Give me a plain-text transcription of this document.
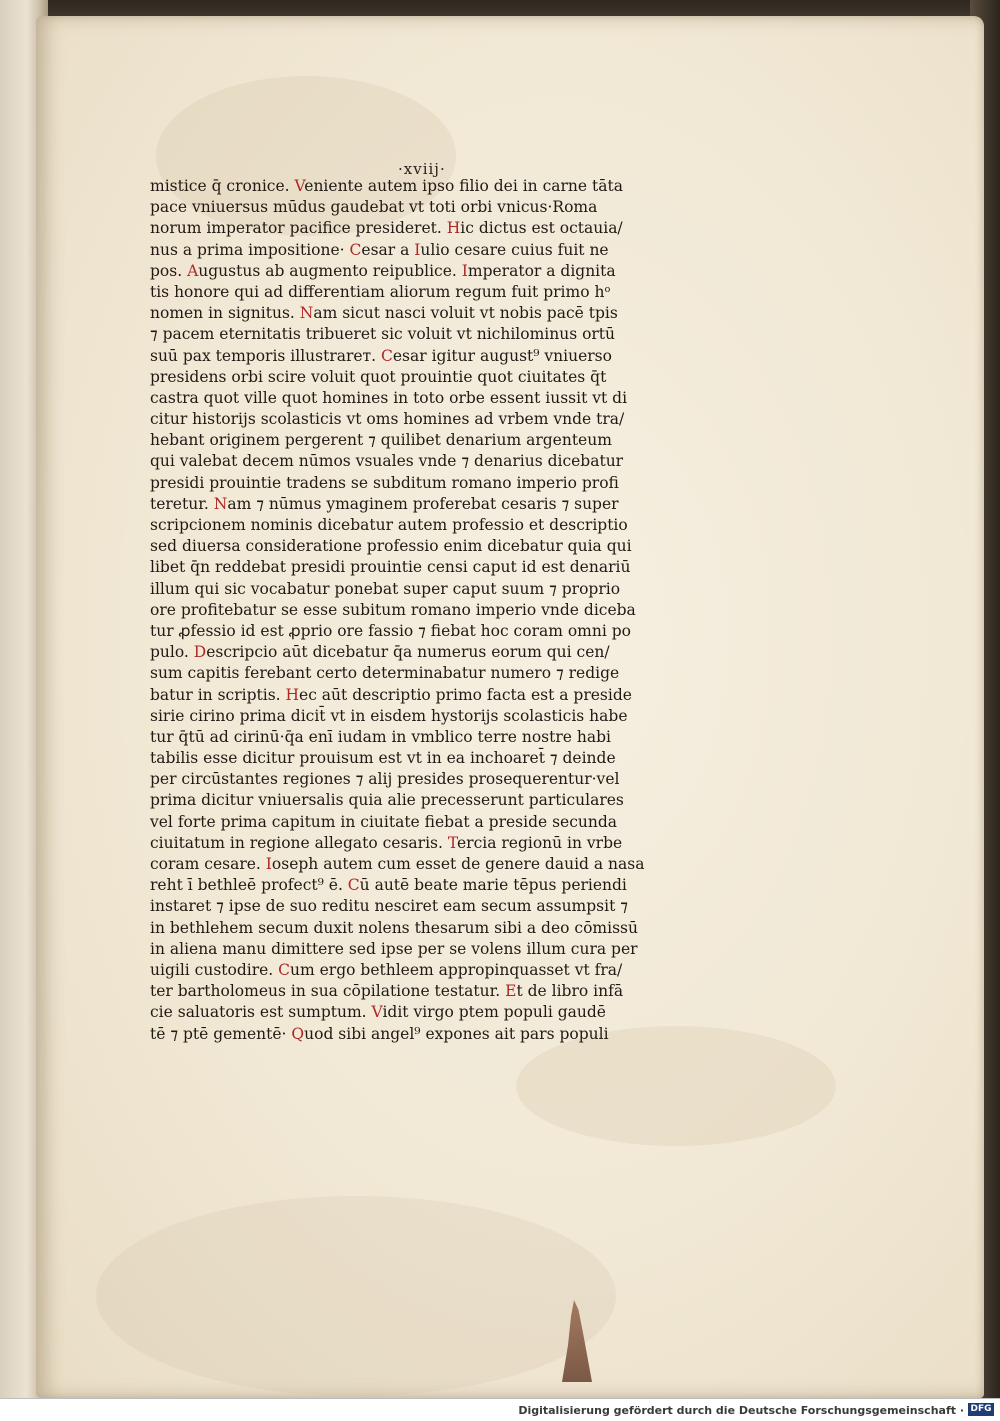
·xviij·
mistice q̄ cronice. Veniente autem ipso filio dei in carne tāta
pace vniuersus mūdus gaudebat vt toti orbi vnicus·Roma
norum imperator pacifice presideret. Hic dictus est octauia/
nus a prima impositione· Cesar a Iulio cesare cuius fuit ne
pos. Augustus ab augmento reipublice. Imperator a dignita
tis honore qui ad differentiam aliorum regum fuit primo hᵒ
nomen in signitus. Nam sicut nasci voluit vt nobis pacē tpis
⁊ pacem eternitatis tribueret sic voluit vt nichilominus ortū
suū pax temporis illustrarет. Cesar igitur august⁹ vniuerso
presidens orbi scire voluit quot prouintie quot ciuitates q̄t
castra quot ville quot homines in toto orbe essent iussit vt di
citur historijs scolasticis vt oms homines ad vrbem vnde tra/
hebant originem pergerent ⁊ quilibet denarium argenteum
qui valebat decem nūmos vsuales vnde ⁊ denarius dicebatur
presidi prouintie tradens se subditum romano imperio profi
teretur. Nam ⁊ nūmus ymaginem proferebat cesaris ⁊ super
scripcionem nominis dicebatur autem professio et descriptio
sed diuersa consideratione professio enim dicebatur quia qui
libet q̄n reddebat presidi prouintie censi caput id est denariū
illum qui sic vocabatur ponebat super caput suum ⁊ proprio
ore profitebatur se esse subitum romano imperio vnde diceba
tur ꝓfessio id est ꝓprio ore fassio ⁊ fiebat hoc coram omni po
pulo. Descripcio aūt dicebatur q̄a numerus eorum qui cen/
sum capitis ferebant certo determinabatur numero ⁊ redige
batur in scriptis. Hec aūt descriptio primo facta est a preside
sirie cirino prima dicit̄ vt in eisdem hystorijs scolasticis habe
tur q̄tū ad cirinū·q̄a enī iudam in vmblico terre nostre habi
tabilis esse dicitur prouisum est vt in ea inchoaret̄ ⁊ deinde
per circūstantes regiones ⁊ alij presides prosequerentur·vel
prima dicitur vniuersalis quia alie precesserunt particulares
vel forte prima capitum in ciuitate fiebat a preside secunda
ciuitatum in regione allegato cesaris. Tercia regionū in vrbe
coram cesare. Ioseph autem cum esset de genere dauid a nasa
reht ī bethleē profect⁹ ē. Cū autē beate marie tēpus periendi
instaret ⁊ ipse de suo reditu nesciret eam secum assumpsit ⁊
in bethlehem secum duxit nolens thesarum sibi a deo cōmissū
in aliena manu dimittere sed ipse per se volens illum cura per
uigili custodire. Cum ergo bethleem appropinquasset vt fra/
ter bartholomeus in sua cōpilatione testatur. Et de libro infā
cie saluatoris est sumptum. Vidit virgo ptem populi gaudē
tē ⁊ ptē gementē· Quod sibi angel⁹ expones ait pars populi
Digitalisierung gefördert durch die Deutsche Forschungsgemeinschaft · DFG
